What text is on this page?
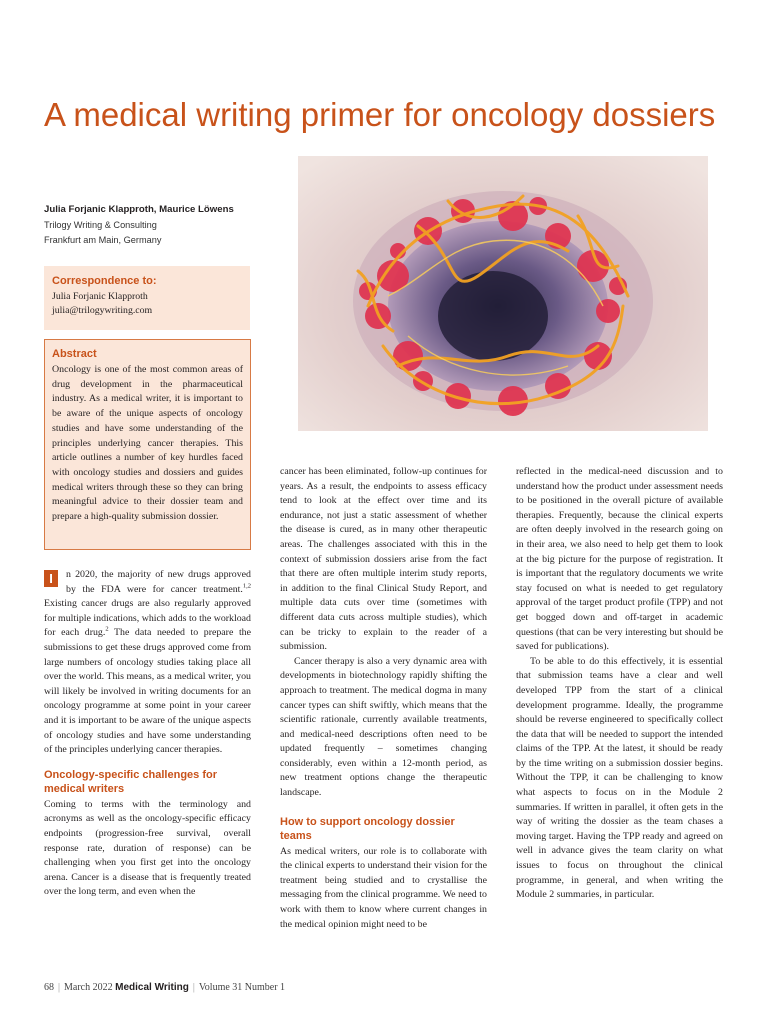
A medical writing primer for oncology dossiers
Julia Forjanic Klapproth, Maurice Löwens
Trilogy Writing & Consulting
Frankfurt am Main, Germany
Correspondence to:
Julia Forjanic Klapproth
julia@trilogywriting.com
Abstract

Oncology is one of the most common areas of drug development in the pharmaceutical industry. As a medical writer, it is important to be aware of the unique aspects of oncology studies and have some understanding of the principles underlying cancer therapies. This article outlines a number of key hurdles faced with oncology studies and dossiers and guides medical writers through these so they can bring meaningful advice to their dossier team and prepare a high-quality submission dossier.

I	n 2020, the majority of new drugs approved by the FDA were for cancer treatment.$^{1,2}$ Existing cancer drugs are also regularly approved for multiple indications, which adds to the workload for each drug.$^2$ The data needed to prepare the submissions to get these drugs approved come from large numbers of oncology studies taking place all over the world. This means, as a medical writer, you will likely be involved in writing documents for an oncology programme at some point in your career and it is important to be aware of the unique aspects of oncology studies and have some understanding of the principles underlying cancer therapies.

Oncology-specific challenges for medical writers

Coming to terms with the terminology and acronyms as well as the oncology-specific efficacy endpoints (progression-free survival, overall response rate, duration of response) can be challenging when you first get into the oncology arena. Cancer is a disease that is frequently treated over the long term, and even when the

cancer has been eliminated, follow-up continues for years. As a result, the endpoints to assess efficacy tend to look at the effect over time and its endurance, not just a static assessment of whether the disease is cured, as in many other therapeutic areas. The challenges associated with this in the context of submission dossiers arise from the fact that there are often multiple interim study reports, in addition to the final Clinical Study Report, and multiple data cuts over time (sometimes with different data cuts across multiple studies), which can be tricky to explain to the reader of a submission.

Cancer therapy is also a very dynamic area with developments in biotechnology rapidly shifting the approach to treatment. The medical dogma in many cancer types can shift swiftly, which means that the scientific rationale, currently available treatments, and medical-need descriptions often need to be updated frequently – sometimes changing considerably, even within a 12-month period, as new treatment options change the therapeutic landscape.

How to support oncology dossier teams

As medical writers, our role is to collaborate with the clinical experts to understand their vision for the treatment being studied and to crystallise the messaging from the clinical programme. We need to work with them to know where current changes in the medical opinion might need to be

reflected in the medical-need discussion and to understand how the product under assessment needs to be positioned in the overall picture of available therapies. Frequently, because the clinical experts are often deeply involved in the research going on in their area, we also need to help get them to look at the big picture for the purpose of registration. It is important that the regulatory documents we write stay focused on what is needed to get regulatory approval of the target product profile (TPP) and not get bogged down and off-target in academic questions (that can be very interesting but should be saved for publications).

To be able to do this effectively, it is essential that submission teams have a clear and well developed TPP from the start of a clinical development programme. Ideally, the programme should be reverse engineered to specifically collect the data that will be needed to support the intended claims of the TPP. At the latest, it should be ready by the time writing on a submission dossier begins. Without the TPP, it can be challenging to know what aspects to focus on in the Module 2 summaries. If written in parallel, it often gets in the way of writing the dossier as the team chases a moving target. Having the TPP ready and agreed on well in advance gives the team clarity on what issues to focus on throughout the clinical programme, in general, and when writing the Module 2 summaries, in particular.

68 | March 2022 Medical Writing | Volume 31 Number 1
